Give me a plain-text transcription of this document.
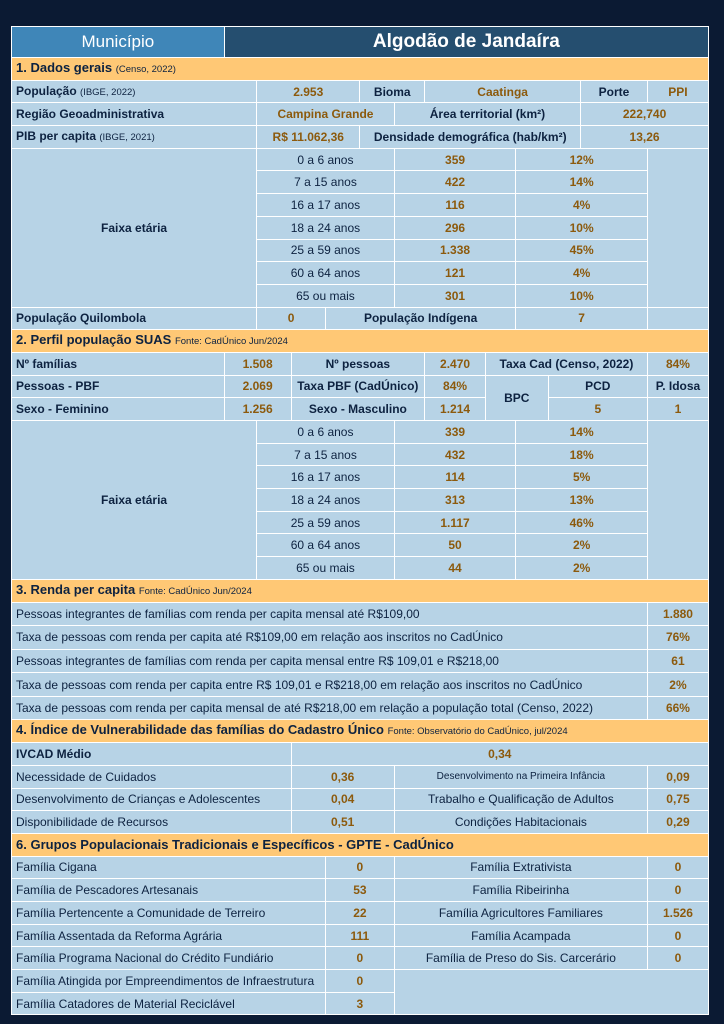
Município	Algodão de Jandaíra											
1. Dados gerais (Censo, 2022)												
População (IBGE, 2022)		2.953			Bioma		Caatinga				Porte	PPI
Região Geoadministrativa		Campina Grande				Área territorial (km²)					222,740	
PIB per capita (IBGE, 2021)		R$ 11.062,36			Densidade demográfica (hab/km²)						13,26	
Faixa etária		0 a 6 anos				359			12%			
		7 a 15 anos				422			14%			
		16 a 17 anos				116			4%			
		18 a 24 anos				296			10%			
		25 a 59 anos				1.338			45%			
		60 a 64 anos				121			4%			
		65 ou mais				301			10%			
População Quilombola		0		População Indígena					7			
2. Perfil população SUAS Fonte: CadÚnico Jun/2024												
Nº famílias	1.508		Nº pessoas				2.470	Taxa Cad (Censo, 2022)				84%
Pessoas - PBF	2.069		Taxa PBF (CadÚnico)				84%	BPC		PCD		P. Idosa
Sexo - Feminino	1.256		Sexo - Masculino				1.214			5		1
Faixa etária		0 a 6 anos				339			14%			
		7 a 15 anos				432			18%			
		16 a 17 anos				114			5%			
		18 a 24 anos				313			13%			
		25 a 59 anos				1.117			46%			
		60 a 64 anos				50			2%			
		65 ou mais				44			2%			
3. Renda per capita Fonte: CadÚnico Jun/2024												
Pessoas integrantes de famílias com renda per capita mensal até R$109,00												1.880
Taxa de pessoas com renda per capita até R$109,00 em relação aos inscritos no CadÚnico												76%
Pessoas integrantes de famílias com renda per capita mensal entre R$ 109,01 e R$218,00												61
Taxa de pessoas com renda per capita entre R$ 109,01 e R$218,00 em relação aos inscritos no CadÚnico												2%
Taxa de pessoas com renda per capita mensal de até R$218,00 em relação a população total (Censo, 2022)												66%
4. Índice de Vulnerabilidade das famílias do Cadastro Único Fonte: Observatório do CadÚnico, jul/2024												
IVCAD Médio			0,34									
Necessidade de Cuidados			0,36			Desenvolvimento na Primeira Infância						0,09
Desenvolvimento de Crianças e Adolescentes			0,04			Trabalho e Qualificação de Adultos						0,75
Disponibilidade de Recursos			0,51			Condições Habitacionais						0,29
6. Grupos Populacionais Tradicionais e Específicos - GPTE - CadÚnico												
Família Cigana				0		Família Extrativista						0
Família de Pescadores Artesanais				53		Família Ribeirinha						0
Família Pertencente a Comunidade de Terreiro				22		Família Agricultores Familiares						1.526
Família Assentada da Reforma Agrária				111		Família Acampada						0
Família Programa Nacional do Crédito Fundiário				0		Família de Preso do Sis. Carcerário						0
Família Atingida por Empreendimentos de Infraestrutura				0								
Família Catadores de Material Reciclável				3								
